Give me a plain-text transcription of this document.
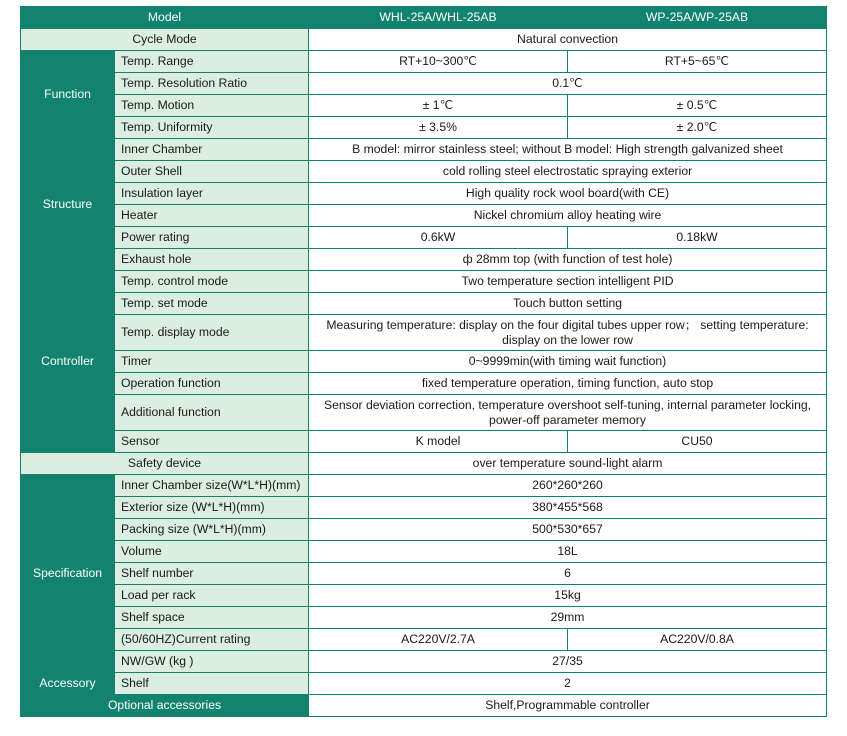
Model		WHL-25A/WHL-25AB	WP-25A/WP-25AB
Cycle Mode		Natural convection	
Function	Temp. Range	RT+10~300℃	RT+5~65℃
	Temp. Resolution Ratio	0.1℃	
	Temp. Motion	± 1℃	± 0.5℃
	Temp. Uniformity	± 3.5%	± 2.0℃
Structure	Inner Chamber	B model: mirror stainless steel; without B model: High strength galvanized sheet	
	Outer Shell	cold rolling steel electrostatic spraying exterior	
	Insulation layer	High quality rock wool board(with CE)	
	Heater	Nickel chromium alloy heating wire	
	Power rating	0.6kW	0.18kW
	Exhaust hole	ф 28mm top (with function of test hole)	
Controller	Temp. control mode	Two temperature section intelligent PID	
	Temp. set mode	Touch button setting	
	Temp. display mode	Measuring temperature: display on the four digital tubes upper row； setting temperature: display on the lower row	
	Timer	0~9999min(with timing wait function)	
	Operation function	fixed temperature operation, timing function, auto stop	
	Additional function	Sensor deviation correction, temperature overshoot self-tuning, internal parameter locking, power-off parameter memory	
	Sensor	K model	CU50
Safety device		over temperature sound-light alarm	
Specification	Inner Chamber size(W*L*H)(mm)	260*260*260	
	Exterior size (W*L*H)(mm)	380*455*568	
	Packing size (W*L*H)(mm)	500*530*657	
	Volume	18L	
	Shelf number	6	
	Load per rack	15kg	
	Shelf space	29mm	
	(50/60HZ)Current rating	AC220V/2.7A	AC220V/0.8A
	NW/GW (kg )	27/35	
Accessory	Shelf	2	
Optional accessories		Shelf,Programmable controller	
